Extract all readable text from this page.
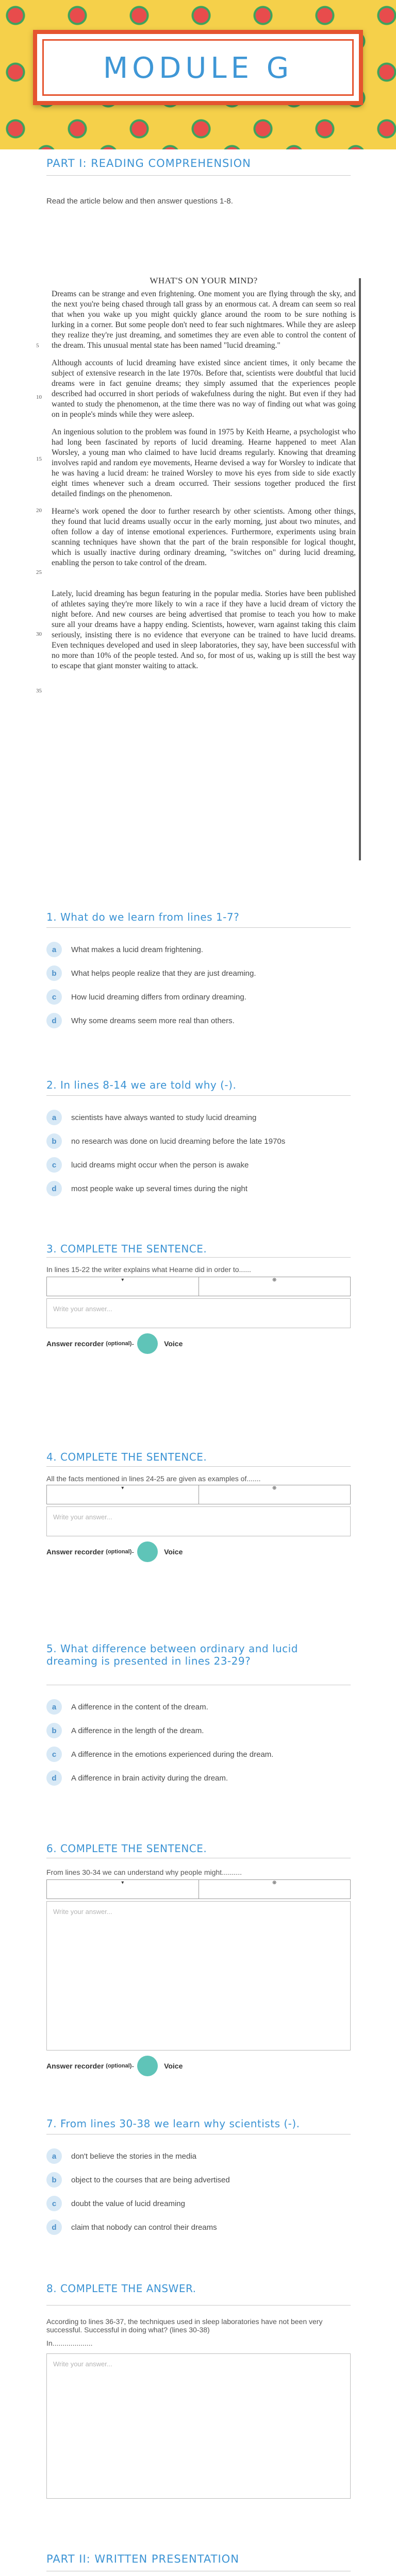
MODULE G
PART I: READING COMPREHENSION
Read the article below and then answer questions 1-8.
WHAT'S ON YOUR MIND?

Dreams can be strange and even frightening. One moment you are flying through the sky, and the next you're being chased through tall grass by an enormous cat. A dream can seem so real that when you wake up you might quickly glance around the room to be sure nothing is lurking in a corner. But some people don't need to fear such nightmares. While they are asleep they realize they're just dreaming, and sometimes they are even able to control the content of the dream. This unusual mental state has been named "lucid dreaming."

Although accounts of lucid dreaming have existed since ancient times, it only became the subject of extensive research in the late 1970s. Before that, scientists were doubtful that lucid dreams were in fact genuine dreams; they simply assumed that the experiences people described had occurred in short periods of wakefulness during the night. But even if they had wanted to study the phenomenon, at the time there was no way of finding out what was going on in people's minds while they were asleep.

An ingenious solution to the problem was found in 1975 by Keith Hearne, a psychologist who had long been fascinated by reports of lucid dreaming. Hearne happened to meet Alan Worsley, a young man who claimed to have lucid dreams regularly. Knowing that dreaming involves rapid and random eye movements, Hearne devised a way for Worsley to indicate that he was having a lucid dream: he trained Worsley to move his eyes from side to side exactly eight times whenever such a dream occurred. Their sessions together produced the first detailed findings on the phenomenon.

Hearne's work opened the door to further research by other scientists. Among other things, they found that lucid dreams usually occur in the early morning, just about two minutes, and often follow a day of intense emotional experiences. Furthermore, experiments using brain scanning techniques have shown that the part of the brain responsible for logical thought, which is usually inactive during ordinary dreaming, "switches on" during lucid dreaming, enabling the person to take control of the dream.

Lately, lucid dreaming has begun featuring in the popular media. Stories have been published of athletes saying they're more likely to win a race if they have a lucid dream of victory the night before. And new courses are being advertised that promise to teach you how to make sure all your dreams have a happy ending. Scientists, however, warn against taking this claim seriously, insisting there is no evidence that everyone can be trained to have lucid dreams. Even techniques developed and used in sleep laboratories, they say, have been successful with no more than 10% of the people tested. And so, for most of us, waking up is still the best way to escape that giant monster waiting to attack.

5
10
15
20
25
30
35
1. What do we learn from lines 1-7?
a	What makes a lucid dream frightening.
b	What helps people realize that they are just dreaming.
c	How lucid dreaming differs from ordinary dreaming.
d	Why some dreams seem more real than others.
2. In lines 8-14 we are told why (-).
a	scientists have always wanted to study lucid dreaming
b	no research was done on lucid dreaming before the late 1970s
c	lucid dreams might occur when the person is awake
d	most people wake up several times during the night
3. COMPLETE THE SENTENCE.
In lines 15-22 the writer explains what Hearne did in order to......
▾	⊕
Write your answer...
Answer recorder (optional) -	Voice
4. COMPLETE THE SENTENCE.
All the facts mentioned in lines 24-25 are given as examples of.......
▾	⊕
Write your answer...
Answer recorder (optional) -	Voice
5. What difference between ordinary and lucid dreaming is presented in lines 23-29?
a	A difference in the content of the dream.
b	A difference in the length of the dream.
c	A difference in the emotions experienced during the dream.
d	A difference in brain activity during the dream.
6. COMPLETE THE SENTENCE.
From lines 30-34 we can understand why people might..........
▾	⊕
Write your answer...
Answer recorder (optional) -	Voice
7. From lines 30-38 we learn why scientists (-).
a	don't believe the stories in the media
b	object to the courses that are being advertised
c	doubt the value of lucid dreaming
d	claim that nobody can control their dreams
8. COMPLETE THE ANSWER.
According to lines 36-37, the techniques used in sleep laboratories have not been very successful. Successful in doing what? (lines 30-38)
In....................
Write your answer...
PART II: WRITTEN PRESENTATION
